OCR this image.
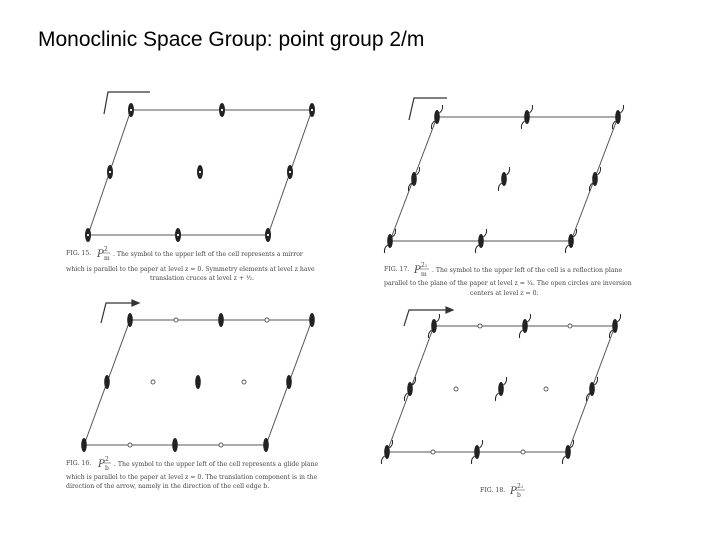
Monoclinic Space Group: point group 2/m
FIG. 15. P 2
m
. The symbol to the upper left of the cell represents a mirror
which is parallel to the paper at level z = 0. Symmetry elements at level z have
translation cruces at level z + ½.
FIG. 17. P 2₁
m
. The symbol to the upper left of the cell is a reflection plane
parallel to the plane of the paper at level z = ¼. The open circles are inversion
centers at level z = 0.
FIG. 16. P 2
b
. The symbol to the upper left of the cell represents a glide plane
which is parallel to the paper at level z = 0. The translation component is in the
direction of the arrow, namely in the direction of the cell edge b.
FIG. 18. P 2₁
b
